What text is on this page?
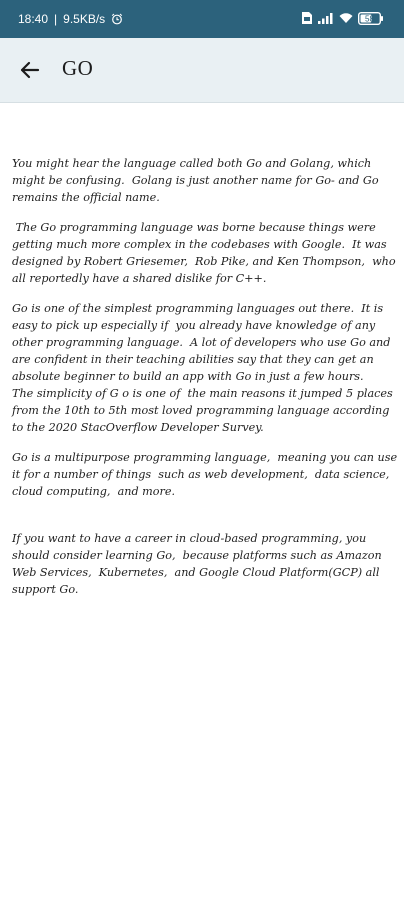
18:40 | 9.5KB/s	58
GO

You might hear the language called both Go and Golang, which might be confusing.  Golang is just another name for Go- and Go remains the official name.

The Go programming language was borne because things were getting much more complex in the codebases with Google.  It was designed by Robert Griesemer,  Rob Pike, and Ken Thompson,  who all reportedly have a shared dislike for C++.

Go is one of the simplest programming languages out there.  It is easy to pick up especially if  you already have knowledge of any other programming language.  A lot of developers who use Go and are confident in their teaching abilities say that they can get an absolute beginner to build an app with Go in just a few hours.

The simplicity of G o is one of  the main reasons it jumped 5 places  from the 10th to 5th most loved programming language according to the 2020 StacOverflow Developer Survey.

Go is a multipurpose programming language,  meaning you can use it for a number of things  such as web development,  data science,  cloud computing,  and more.

If you want to have a career in cloud-based programming, you should consider learning Go,  because platforms such as Amazon Web Services,  Kubernetes,  and Google Cloud Platform(GCP) all support Go.
